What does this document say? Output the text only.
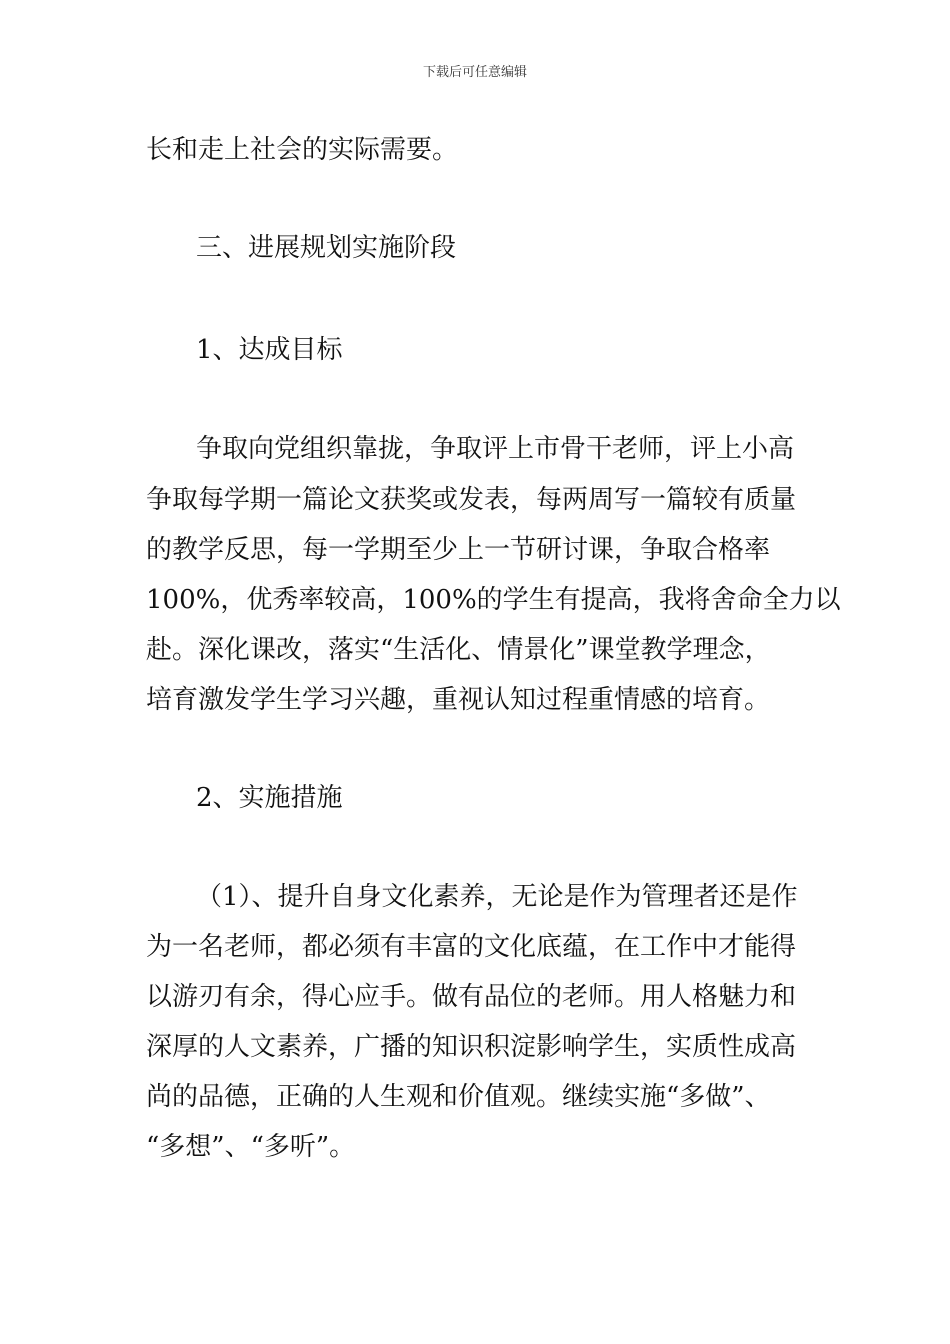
下载后可任意编辑
长和走上社会的实际需要。
三、进展规划实施阶段
1、达成目标
争取向党组织靠拢，争取评上市骨干老师，评上小高
争取每学期一篇论文获奖或发表，每两周写一篇较有质量
的教学反思，每一学期至少上一节研讨课，争取合格率
100%，优秀率较高，100%的学生有提高，我将舍命全力以
赴。深化课改，落实“生活化、情景化”课堂教学理念，
培育激发学生学习兴趣，重视认知过程重情感的培育。
2、实施措施
（1）、提升自身文化素养，无论是作为管理者还是作
为一名老师，都必须有丰富的文化底蕴，在工作中才能得
以游刃有余，得心应手。做有品位的老师。用人格魅力和
深厚的人文素养，广播的知识积淀影响学生，实质性成高
尚的品德，正确的人生观和价值观。继续实施“多做”、
“多想”、“多听”。
